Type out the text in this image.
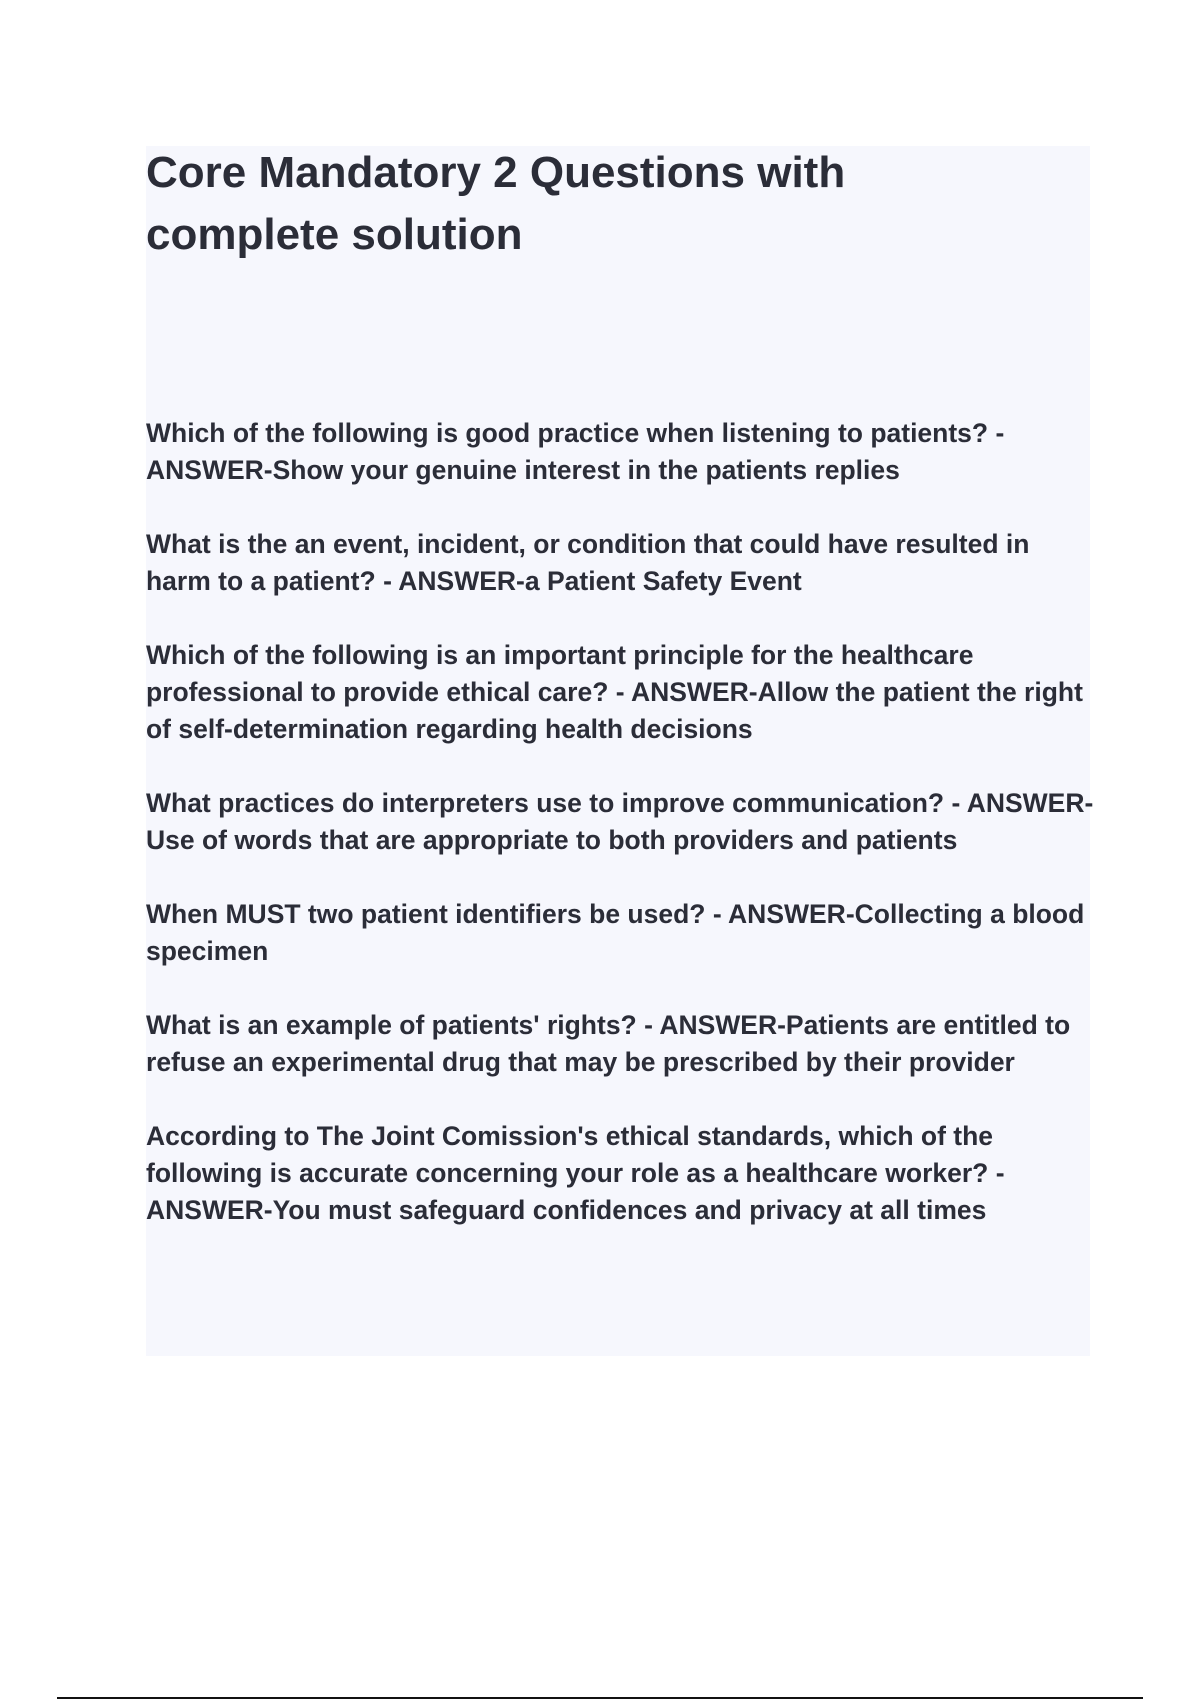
Core Mandatory 2 Questions with complete solution
Which of the following is good practice when listening to patients? - ANSWER-Show your genuine interest in the patients replies
What is the an event, incident, or condition that could have resulted in harm to a patient? - ANSWER-a Patient Safety Event
Which of the following is an important principle for the healthcare professional to provide ethical care? - ANSWER-Allow the patient the right of self-determination regarding health decisions
What practices do interpreters use to improve communication? - ANSWER-Use of words that are appropriate to both providers and patients
When MUST two patient identifiers be used? - ANSWER-Collecting a blood specimen
What is an example of patients' rights? - ANSWER-Patients are entitled to refuse an experimental drug that may be prescribed by their provider
According to The Joint Comission's ethical standards, which of the following is accurate concerning your role as a healthcare worker? - ANSWER-You must safeguard confidences and privacy at all times
